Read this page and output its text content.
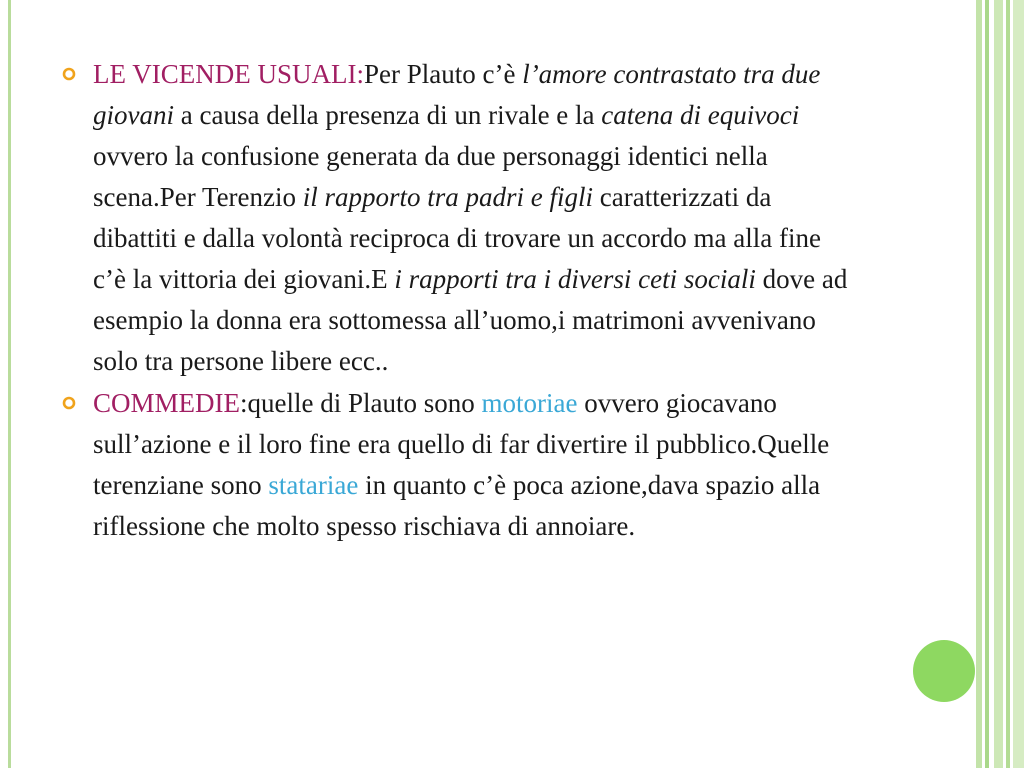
LE VICENDE USUALI:Per Plauto c’è l’amore contrastato tra due giovani a causa della presenza di un rivale e la catena di equivoci ovvero la confusione generata da due personaggi identici nella scena.Per Terenzio il rapporto tra padri e figli caratterizzati da dibattiti e dalla volontà reciproca di trovare un accordo ma alla fine c’è la vittoria dei giovani.E i rapporti tra i diversi ceti sociali dove ad esempio la donna era sottomessa all’uomo,i matrimoni avvenivano solo tra persone libere ecc..
COMMEDIE:quelle di Plauto sono motoriae ovvero giocavano sull’azione e il loro fine era quello di far divertire il pubblico.Quelle terenziane sono statariae in quanto c’è poca azione,dava spazio alla riflessione che molto spesso rischiava di annoiare.
